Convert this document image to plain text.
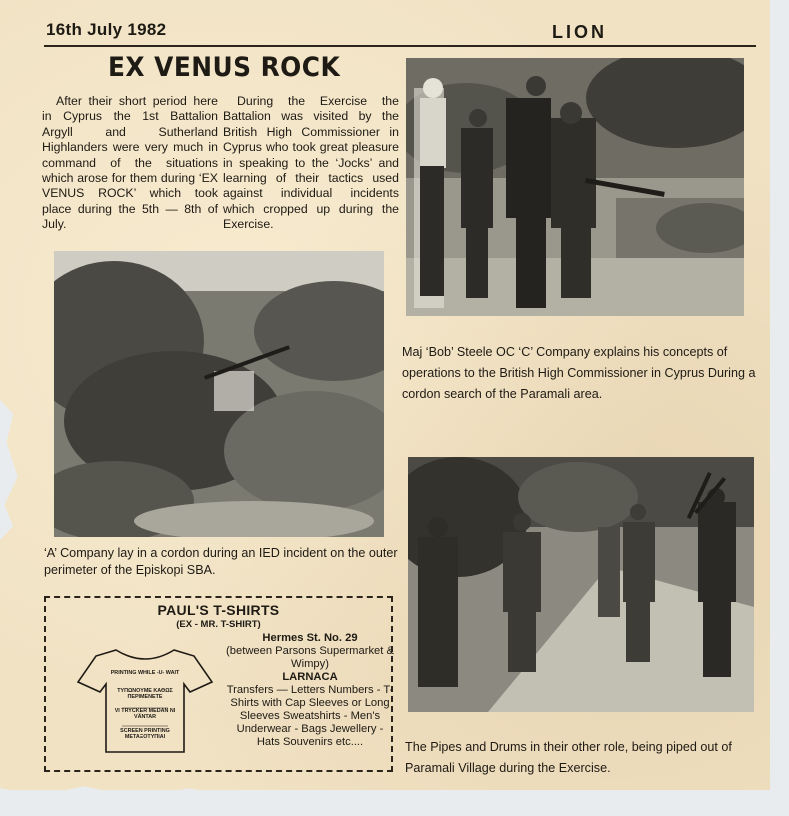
16th July 1982	LION
EX VENUS ROCK
After their short period here in Cyprus the 1st Battalion Argyll and Sutherland Highlanders were very much in command of the situations which arose for them during ‘EX VENUS ROCK’ which took place during the 5th — 8th of July.
During the Exercise the Battalion was visited by the British High Commissioner in Cyprus who took great pleasure in speaking to the ‘Jocks’ and learning of their tactics used against individual incidents which cropped up during the Exercise.
Maj ‘Bob’ Steele OC ‘C’ Company explains his concepts of operations to the British High Commissioner in Cyprus During a cordon search of the Paramali area.
‘A’ Company lay in a cordon during an IED incident on the outer perimeter of the Episkopi SBA.
The Pipes and Drums in their other role, being piped out of Paramali Village during the Exercise.
PAUL'S T-SHIRTS
(EX - MR. T-SHIRT)
PRINTING WHILE -U- WAIT
ΤΥΠΩΝΟΥΜΕ ΚΑΘΩΣ ΠΕΡΙΜΕΝΕΤΕ
VI TRYCKER MEDAN NI VÄNTAR
SCREEN PRINTING ΜΕΤΑΞΟΤΥΠΙΑΙ
Hermes St. No. 29
(between Parsons Supermarket & Wimpy)
LARNACA
Transfers — Letters Numbers - T-Shirts with Cap Sleeves or Long Sleeves Sweatshirts - Men's Underwear - Bags Jewellery - Hats Souvenirs etc....
